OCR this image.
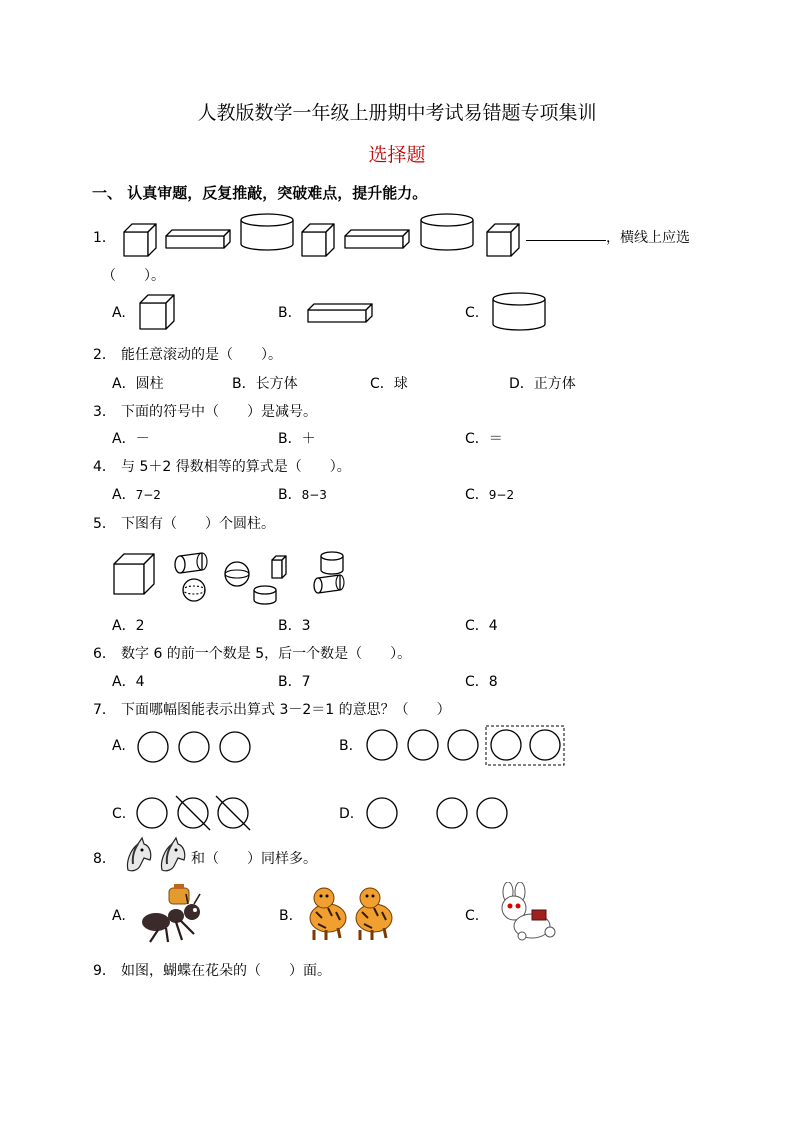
人教版数学一年级上册期中考试易错题专项集训
选择题
一、 认真审题，反复推敲，突破难点，提升能力。
1．	，横线上应选
（　　）。
A.	B.	C.
2． 能任意滚动的是（　　）。
A．圆柱	B．长方体	C．球	D．正方体
3． 下面的符号中（　　）是减号。
A．－	B．＋	C．＝
4． 与 5＋2 得数相等的算式是（　　）。
A．7−2	B．8−3	C．9−2
5． 下图有（　　）个圆柱。
A．2	B．3	C．4
6． 数字 6 的前一个数是 5，后一个数是（　　）。
A．4	B．7	C．8
7． 下面哪幅图能表示出算式 3－2＝1 的意思？（　　）
A.	B.
C.	D.
8．	和（　　）同样多。
A.	B.	C.
9． 如图，蝴蝶在花朵的（　　）面。
